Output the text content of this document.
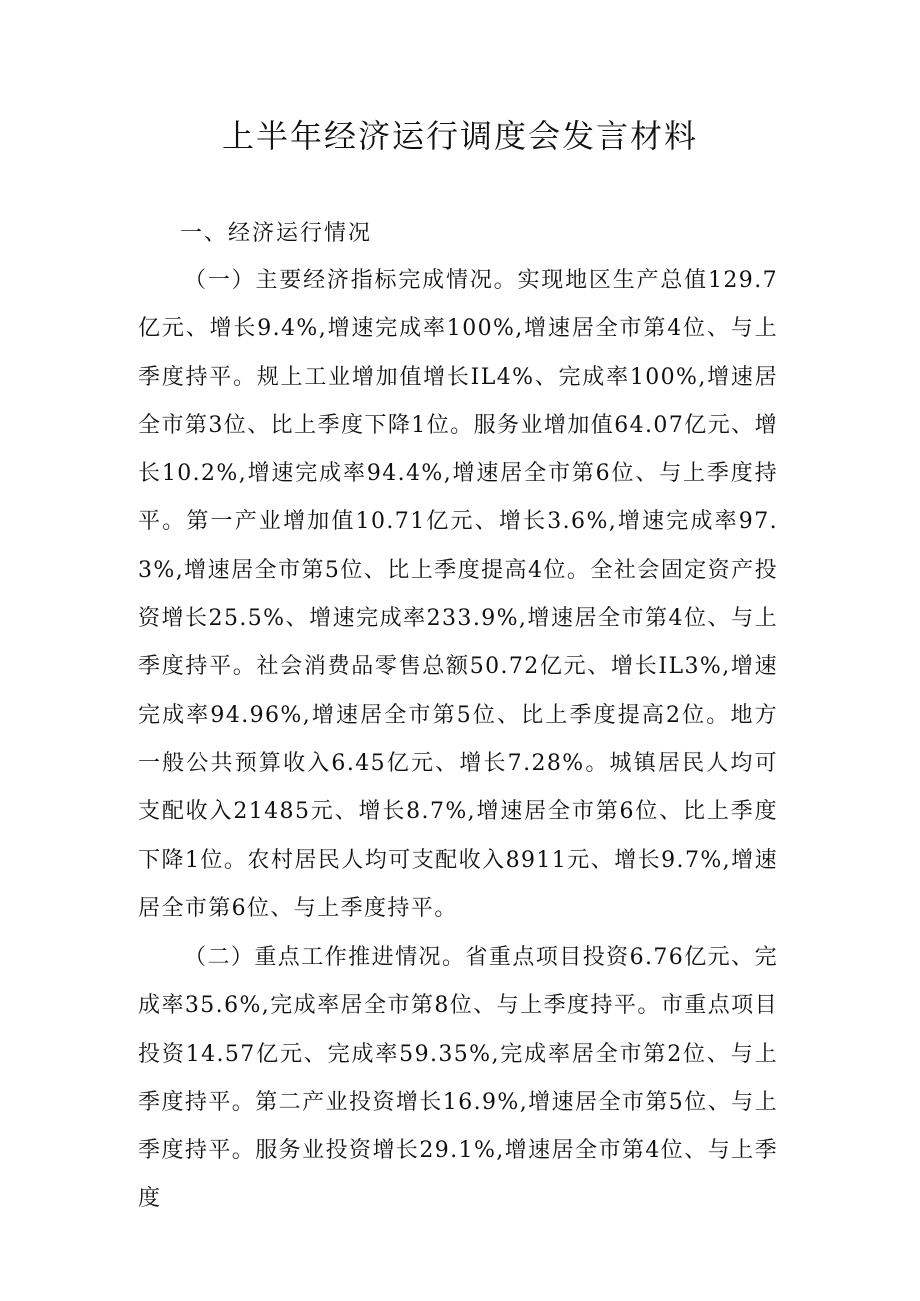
上半年经济运行调度会发言材料

一、经济运行情况

（一）主要经济指标完成情况。实现地区生产总值129.7亿元、增长9.4%,增速完成率100%,增速居全市第4位、与上季度持平。规上工业增加值增长IL4%、完成率100%,增速居全市第3位、比上季度下降1位。服务业增加值64.07亿元、增长10.2%,增速完成率94.4%,增速居全市第6位、与上季度持平。第一产业增加值10.71亿元、增长3.6%,增速完成率97.3%,增速居全市第5位、比上季度提高4位。全社会固定资产投资增长25.5%、增速完成率233.9%,增速居全市第4位、与上季度持平。社会消费品零售总额50.72亿元、增长IL3%,增速完成率94.96%,增速居全市第5位、比上季度提高2位。地方一般公共预算收入6.45亿元、增长7.28%。城镇居民人均可支配收入21485元、增长8.7%,增速居全市第6位、比上季度下降1位。农村居民人均可支配收入8911元、增长9.7%,增速居全市第6位、与上季度持平。

（二）重点工作推进情况。省重点项目投资6.76亿元、完成率35.6%,完成率居全市第8位、与上季度持平。市重点项目投资14.57亿元、完成率59.35%,完成率居全市第2位、与上季度持平。第二产业投资增长16.9%,增速居全市第5位、与上季度持平。服务业投资增长29.1%,增速居全市第4位、与上季度
